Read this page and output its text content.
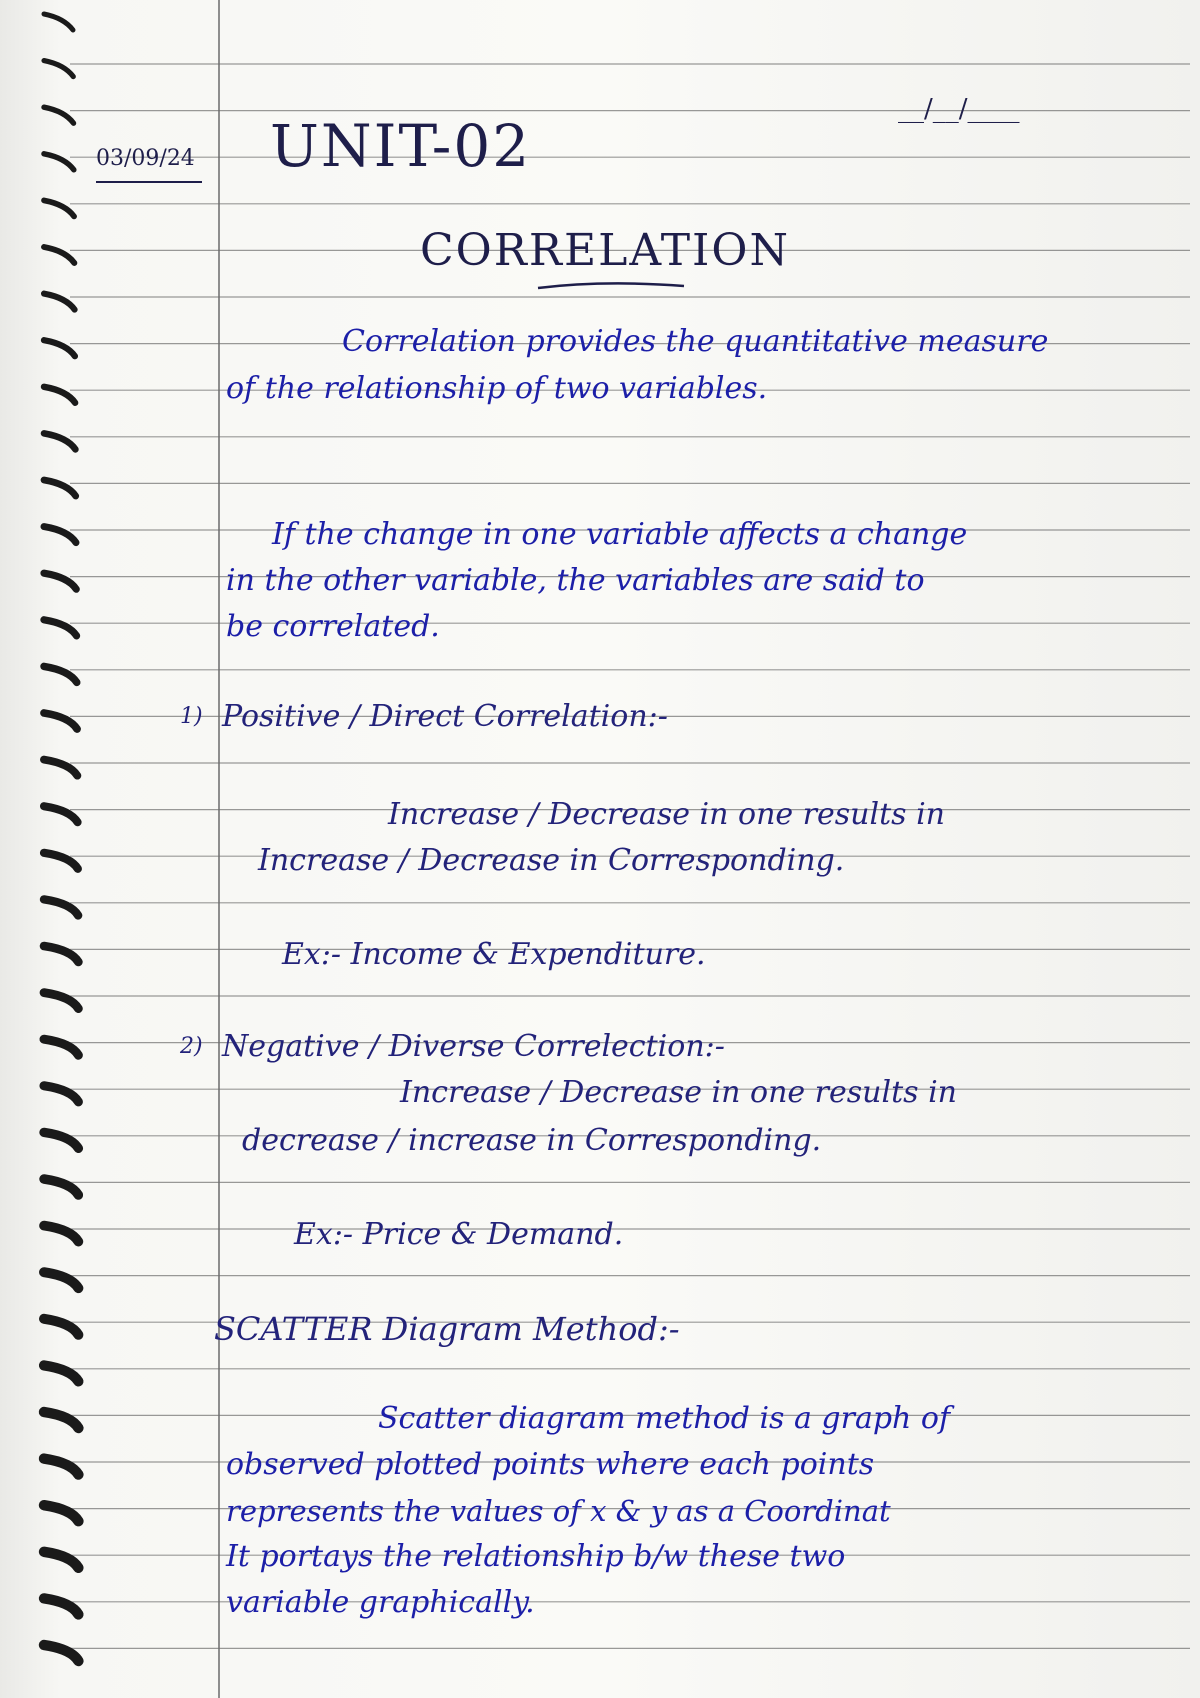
03/09/24
__/__/____
UNIT-02
CORRELATION
Correlation provides the quantitative measure
of the relationship of two variables.
If the change in one variable affects a change
in the other variable, the variables are said to
be correlated.
1) Positive / Direct Correlation:-
Increase / Decrease in one results in
Increase / Decrease in Corresponding.
Ex:- Income & Expenditure.
2) Negative / Diverse Correlection:-
Increase / Decrease in one results in
decrease / increase in Corresponding.
Ex:- Price & Demand.
SCATTER Diagram Method:-
Scatter diagram method is a graph of
observed plotted points where each points
represents the values of x & y as a Coordinat
It portays the relationship b/w these two
variable graphically.
